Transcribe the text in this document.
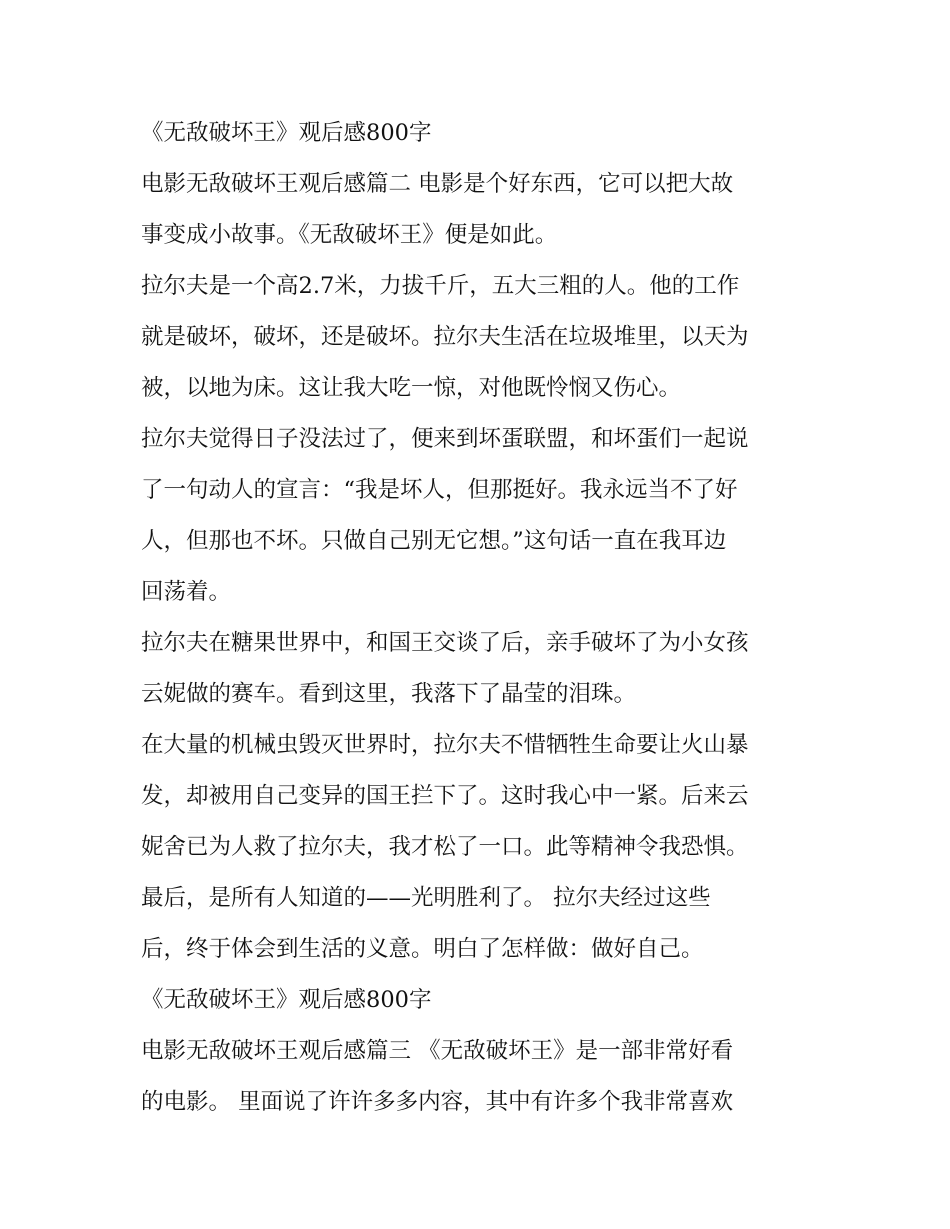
《无敌破坏王》观后感800字
电影无敌破坏王观后感篇二 电影是个好东西，它可以把大故
事变成小故事。《无敌破坏王》便是如此。
拉尔夫是一个高2.7米，力拔千斤，五大三粗的人。他的工作
就是破坏，破坏，还是破坏。拉尔夫生活在垃圾堆里，以天为
被，以地为床。这让我大吃一惊，对他既怜悯又伤心。
拉尔夫觉得日子没法过了，便来到坏蛋联盟，和坏蛋们一起说
了一句动人的宣言：“我是坏人，但那挺好。我永远当不了好
人，但那也不坏。只做自己别无它想。”这句话一直在我耳边
回荡着。
拉尔夫在糖果世界中，和国王交谈了后，亲手破坏了为小女孩
云妮做的赛车。看到这里，我落下了晶莹的泪珠。
在大量的机械虫毁灭世界时，拉尔夫不惜牺牲生命要让火山暴
发，却被用自己变异的国王拦下了。这时我心中一紧。后来云
妮舍已为人救了拉尔夫，我才松了一口。此等精神令我恐惧。
最后，是所有人知道的——光明胜利了。 拉尔夫经过这些
后，终于体会到生活的义意。明白了怎样做：做好自己。
《无敌破坏王》观后感800字
电影无敌破坏王观后感篇三 《无敌破坏王》是一部非常好看
的电影。 里面说了许许多多内容，其中有许多个我非常喜欢
